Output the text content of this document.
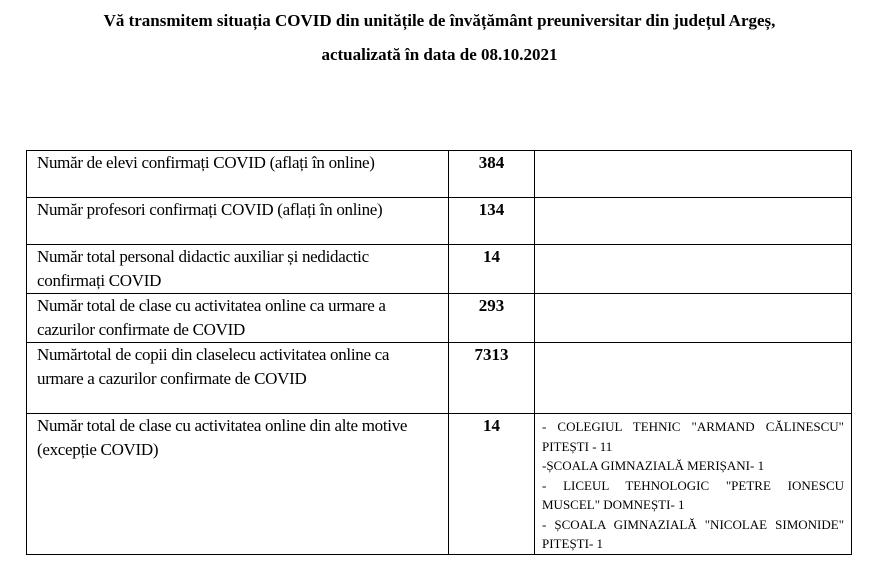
Vă transmitem situația COVID din unitățile de învățământ preuniversitar din județul Argeș,
actualizată în data de 08.10.2021
Număr de elevi confirmați COVID (aflați în online)	384	

Număr profesori confirmați COVID (aflați în online)	134	

Număr total personal didactic auxiliar și nedidactic confirmați COVID	14	

Număr total de clase cu activitatea online ca urmare a cazurilor confirmate de COVID	293	

Numărtotal de copii din claselecu activitatea online ca urmare a cazurilor confirmate de COVID	7313	

Număr total de clase cu activitatea online din alte motive (excepție COVID)	14	- COLEGIUL TEHNIC "ARMAND CĂLINESCU" PITEȘTI - 11
-ȘCOALA GIMNAZIALĂ MERIȘANI- 1
- LICEUL TEHNOLOGIC "PETRE IONESCU MUSCEL" DOMNEȘTI- 1
- ȘCOALA GIMNAZIALĂ "NICOLAE SIMONIDE" PITEȘTI- 1
